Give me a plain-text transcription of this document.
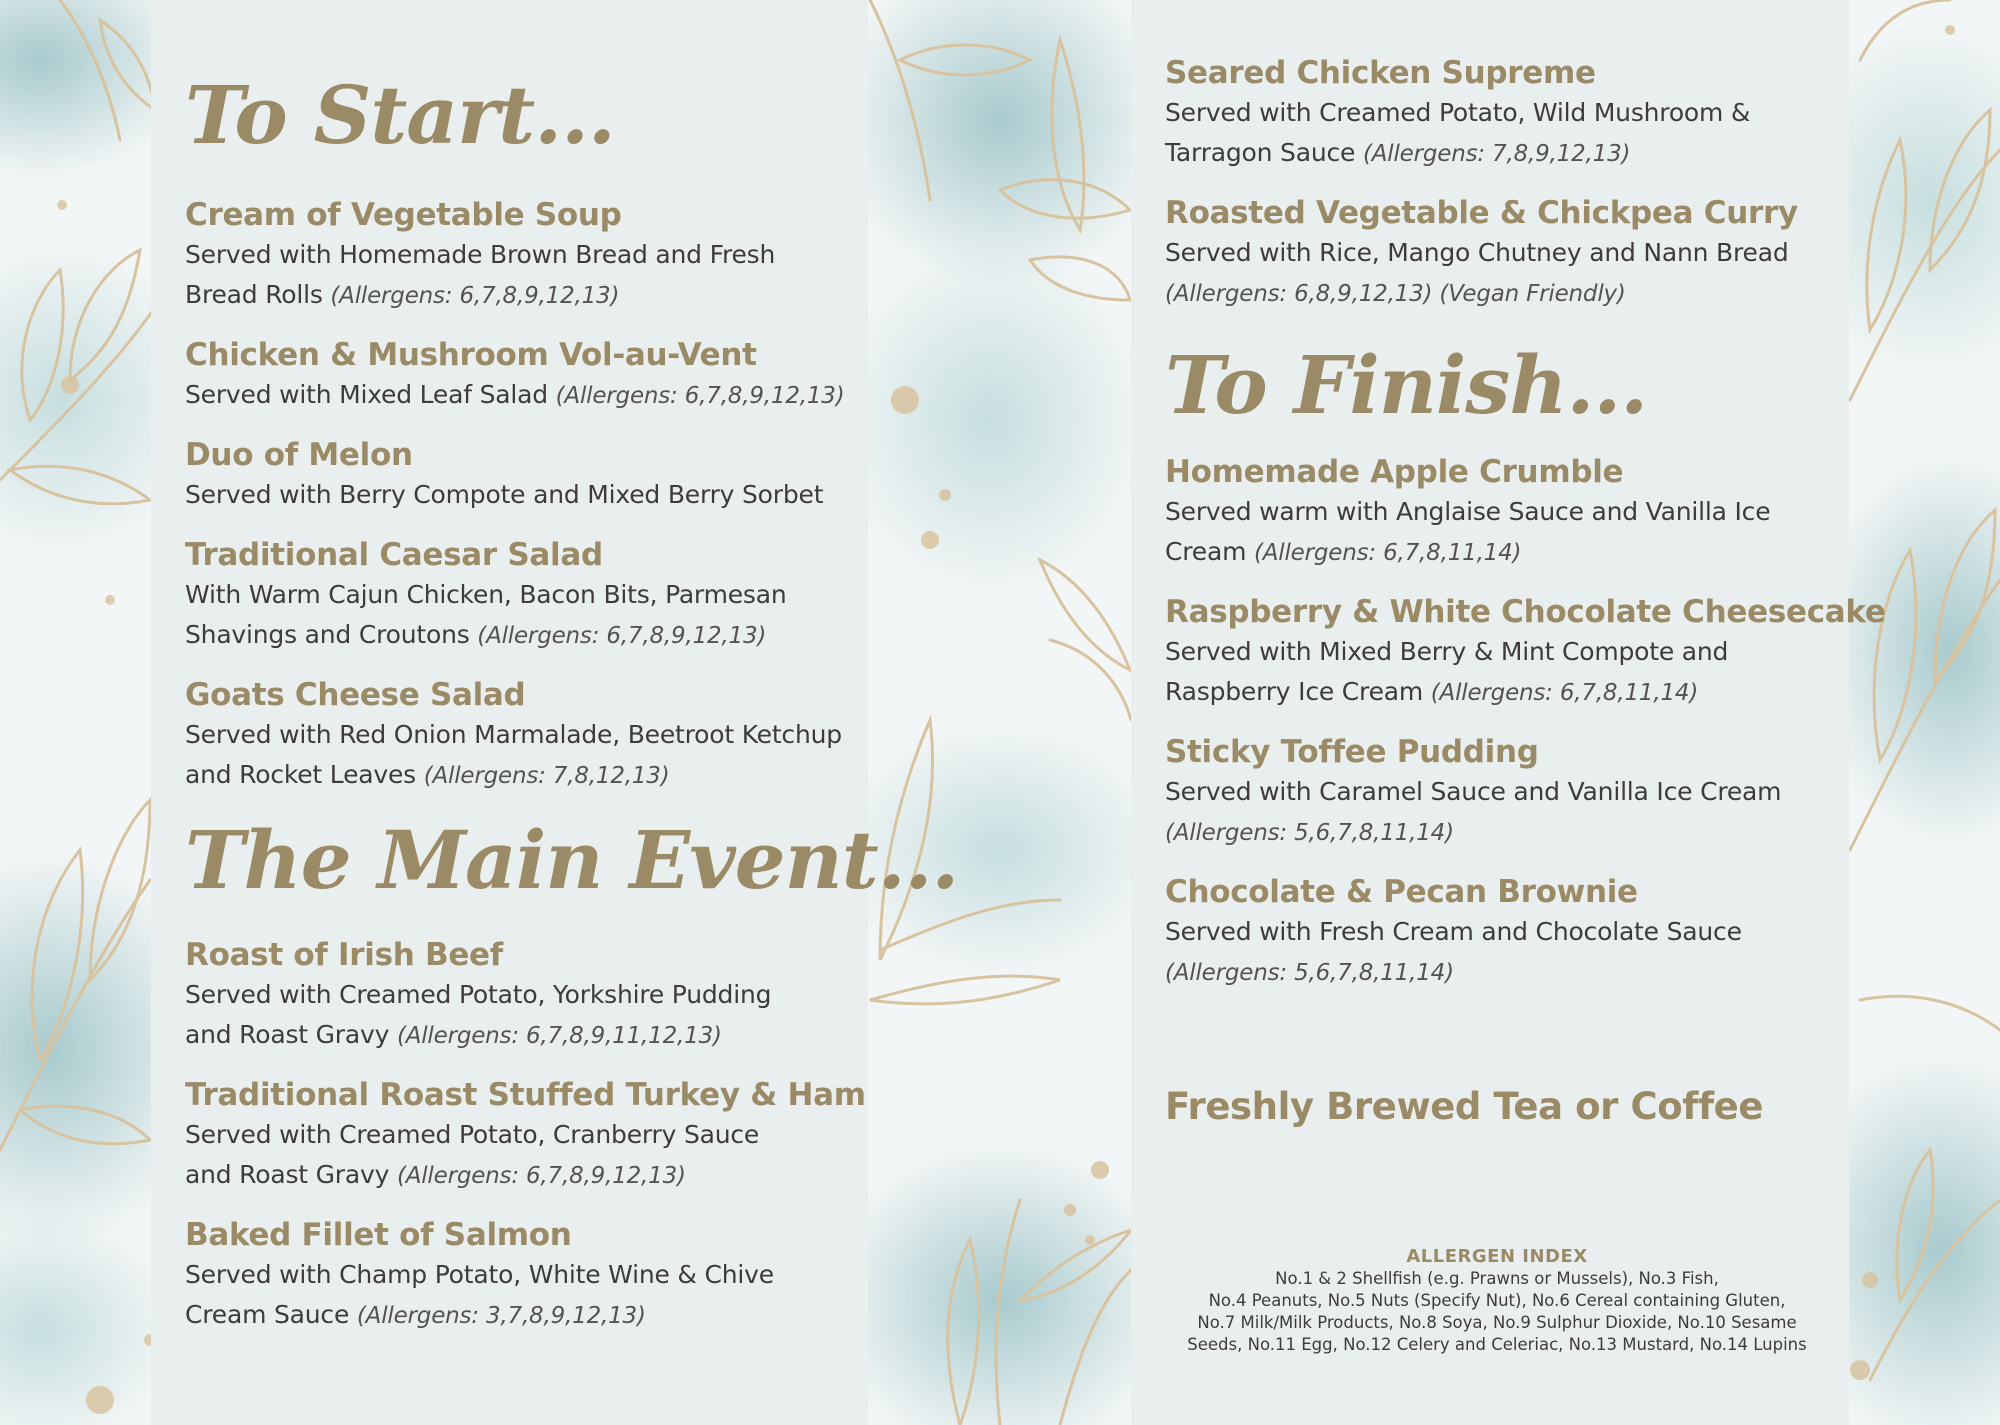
To Start...
Cream of Vegetable Soup
Served with Homemade Brown Bread and Fresh
Bread Rolls (Allergens: 6,7,8,9,12,13)
Chicken & Mushroom Vol-au-Vent
Served with Mixed Leaf Salad (Allergens: 6,7,8,9,12,13)
Duo of Melon
Served with Berry Compote and Mixed Berry Sorbet
Traditional Caesar Salad
With Warm Cajun Chicken, Bacon Bits, Parmesan
Shavings and Croutons (Allergens: 6,7,8,9,12,13)
Goats Cheese Salad
Served with Red Onion Marmalade, Beetroot Ketchup
and Rocket Leaves (Allergens: 7,8,12,13)
The Main Event...
Roast of Irish Beef
Served with Creamed Potato, Yorkshire Pudding
and Roast Gravy (Allergens: 6,7,8,9,11,12,13)
Traditional Roast Stuffed Turkey & Ham
Served with Creamed Potato, Cranberry Sauce
and Roast Gravy (Allergens: 6,7,8,9,12,13)
Baked Fillet of Salmon
Served with Champ Potato, White Wine & Chive
Cream Sauce (Allergens: 3,7,8,9,12,13)
Seared Chicken Supreme
Served with Creamed Potato, Wild Mushroom &
Tarragon Sauce (Allergens: 7,8,9,12,13)
Roasted Vegetable & Chickpea Curry
Served with Rice, Mango Chutney and Nann Bread
(Allergens: 6,8,9,12,13) (Vegan Friendly)
To Finish...
Homemade Apple Crumble
Served warm with Anglaise Sauce and Vanilla Ice
Cream (Allergens: 6,7,8,11,14)
Raspberry & White Chocolate Cheesecake
Served with Mixed Berry & Mint Compote and
Raspberry Ice Cream (Allergens: 6,7,8,11,14)
Sticky Toffee Pudding
Served with Caramel Sauce and Vanilla Ice Cream
(Allergens: 5,6,7,8,11,14)
Chocolate & Pecan Brownie
Served with Fresh Cream and Chocolate Sauce
(Allergens: 5,6,7,8,11,14)
Freshly Brewed Tea or Coffee
ALLERGEN INDEX
No.1 & 2 Shellfish (e.g. Prawns or Mussels), No.3 Fish,
No.4 Peanuts, No.5 Nuts (Specify Nut), No.6 Cereal containing Gluten,
No.7 Milk/Milk Products, No.8 Soya, No.9 Sulphur Dioxide, No.10 Sesame
Seeds, No.11 Egg, No.12 Celery and Celeriac, No.13 Mustard, No.14 Lupins
